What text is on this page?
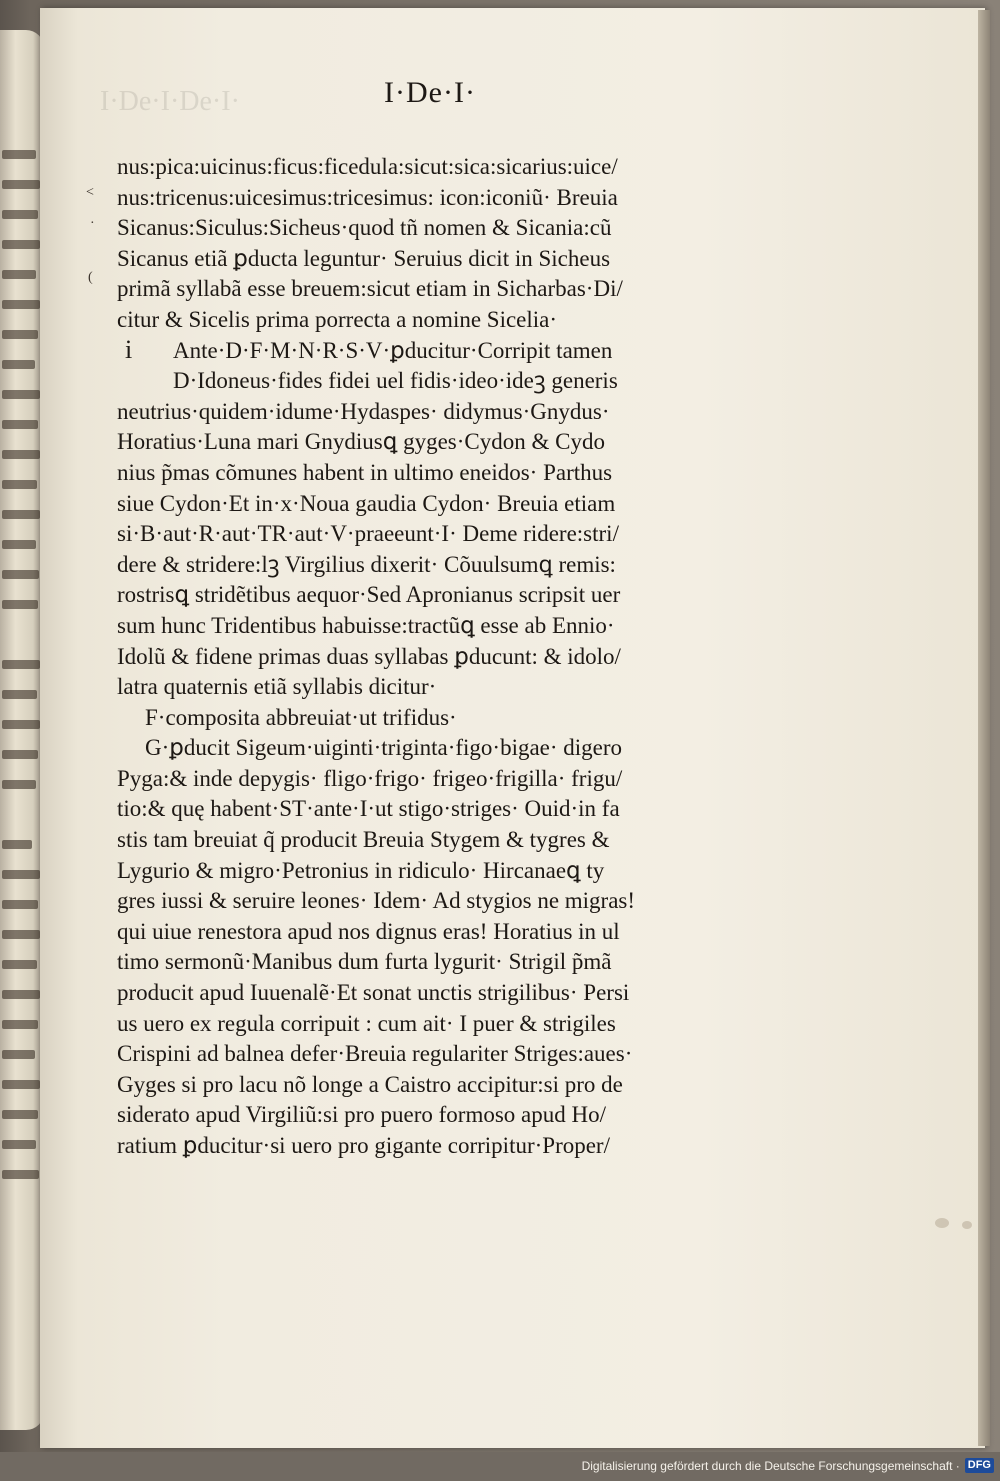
I·De·I·De·I·	I·De·I·
<
·
(
i
nus:pica:uicinus:ficus:ficedula:sicut:sica:sicarius:uice/
nus:tricenus:uicesimus:tricesimus: icon:iconiũ· Breuia
Sicanus:Siculus:Sicheus·quod tñ nomen & Sicania:cũ
Sicanus etiã ꝑducta leguntur· Seruius dicit in Sicheus
primã syllabã esse breuem:sicut etiam in Sicharbas·Di/
citur & Sicelis prima porrecta a nomine Sicelia·
Ante·D·F·M·N·R·S·V·ꝑducitur·Corripit tamen
D·Idoneus·fides fidei uel fidis·ideo·ideꝫ generis
neutrius·quidem·idume·Hydaspes· didymus·Gnydus·
Horatius·Luna mari Gnydiusꝗ gyges·Cydon & Cydo
nius p̃mas cõmunes habent in ultimo eneidos· Parthus
siue Cydon·Et in·x·Noua gaudia Cydon· Breuia etiam
si·B·aut·R·aut·TR·aut·V·praeeunt·I· Deme ridere:stri/
dere & stridere:lꝫ Virgilius dixerit· Cõuulsumꝗ remis:
rostrisꝗ stridẽtibus aequor·Sed Apronianus scripsit uer
sum hunc Tridentibus habuisse:tractũꝗ esse ab Ennio·
Idolũ & fidene primas duas syllabas ꝑducunt: & idolo/
latra quaternis etiã syllabis dicitur·
F·composita abbreuiat·ut trifidus·
G·ꝑducit Sigeum·uiginti·triginta·figo·bigae· digero
Pyga:& inde depygis· fligo·frigo· frigeo·frigilla· frigu/
tio:& quę habent·ST·ante·I·ut stigo·striges· Ouid·in fa
stis tam breuiat q̃ producit Breuia Stygem & tygres &
Lygurio & migro·Petronius in ridiculo· Hircanaeꝗ ty
gres iussi & seruire leones· Idem· Ad stygios ne migras!
qui uiue renestora apud nos dignus eras! Horatius in ul
timo sermonũ·Manibus dum furta lygurit· Strigil p̃mã
producit apud Iuuenalẽ·Et sonat unctis strigilibus· Persi
us uero ex regula corripuit : cum ait· I puer & strigiles
Crispini ad balnea defer·Breuia regulariter Striges:aues·
Gyges si pro lacu nõ longe a Caistro accipitur:si pro de
siderato apud Virgiliũ:si pro puero formoso apud Ho/
ratium ꝑducitur·si uero pro gigante corripitur·Proper/
Digitalisierung gefördert durch die Deutsche Forschungsgemeinschaft · DFG
